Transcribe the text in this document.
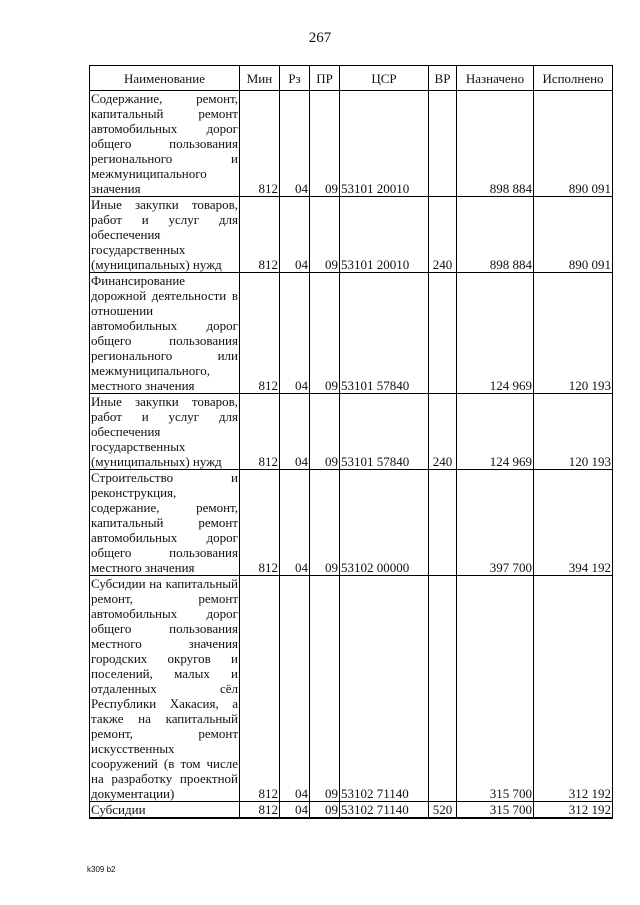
267
Наименование	Мин	Рз	ПР	ЦСР	ВР	Назначено	Исполнено
Содержание, ремонт, капитальный ремонт автомобильных дорог общего пользования регионального и межмуниципального значения	812	04	09	53101 20010		898 884	890 091
Иные закупки товаров, работ и услуг для обеспечения государственных (муниципальных) нужд	812	04	09	53101 20010	240	898 884	890 091
Финансирование дорожной деятельности в отношении автомобильных дорог общего пользования регионального или межмуниципального, местного значения	812	04	09	53101 57840		124 969	120 193
Иные закупки товаров, работ и услуг для обеспечения государственных (муниципальных) нужд	812	04	09	53101 57840	240	124 969	120 193
Строительство и реконструкция, содержание, ремонт, капитальный ремонт автомобильных дорог общего пользования местного значения	812	04	09	53102 00000		397 700	394 192
Субсидии на капитальный ремонт, ремонт автомобильных дорог общего пользования местного значения городских округов и поселений, малых и отдаленных сёл Республики Хакасия, а также на капитальный ремонт, ремонт искусственных сооружений (в том числе на разработку проектной документации)	812	04	09	53102 71140		315 700	312 192
Субсидии	812	04	09	53102 71140	520	315 700	312 192
k309 b2
